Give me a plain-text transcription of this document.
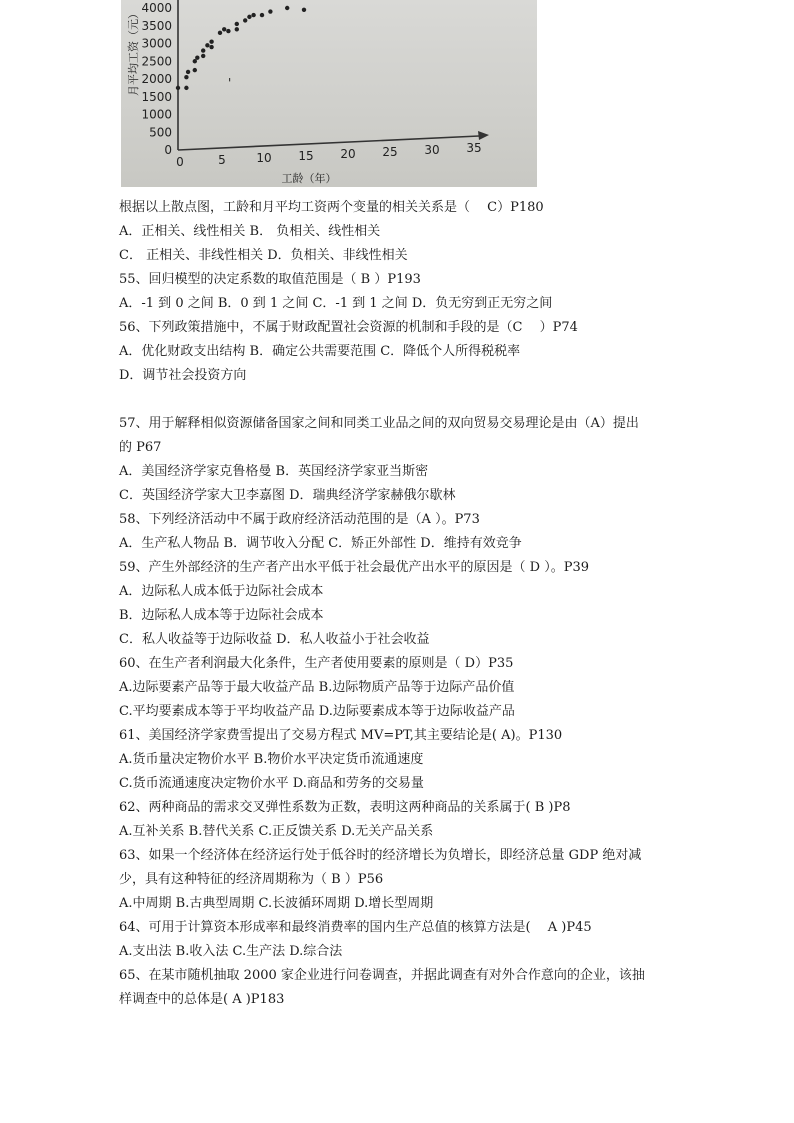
0
500
1000
1500
2000
2500
3000
3500
4000
0	5	10 15 20 25 30 35
月平均工资（元）
工龄（年）
'
根据以上散点图，工龄和月平均工资两个变量的相关关系是（　 C）P180
A．正相关、线性相关 B． 负相关、线性相关
C． 正相关、非线性相关 D．负相关、非线性相关
55、回归模型的决定系数的取值范围是（ B ）P193
A．-1 到 0 之间 B．0 到 1 之间 C．-1 到 1 之间 D．负无穷到正无穷之间
56、下列政策措施中，不属于财政配置社会资源的机制和手段的是（C　 ）P74
A．优化财政支出结构 B．确定公共需要范围 C．降低个人所得税税率
D．调节社会投资方向
57、用于解释相似资源储备国家之间和同类工业品之间的双向贸易交易理论是由（A）提出
的 P67
A．美国经济学家克鲁格曼 B．英国经济学家亚当斯密
C．英国经济学家大卫李嘉图 D．瑞典经济学家赫俄尔歇林
58、下列经济活动中不属于政府经济活动范围的是（A ）。P73
A．生产私人物品 B．调节收入分配 C．矫正外部性 D．维持有效竞争
59、产生外部经济的生产者产出水平低于社会最优产出水平的原因是（ D ）。P39
A．边际私人成本低于边际社会成本
B．边际私人成本等于边际社会成本
C．私人收益等于边际收益 D．私人收益小于社会收益
60、在生产者利润最大化条件，生产者使用要素的原则是（ D）P35
A.边际要素产品等于最大收益产品 B.边际物质产品等于边际产品价值
C.平均要素成本等于平均收益产品 D.边际要素成本等于边际收益产品
61、美国经济学家费雪提出了交易方程式 MV=PT,其主要结论是( A)。P130
A.货币量决定物价水平 B.物价水平决定货币流通速度
C.货币流通速度决定物价水平 D.商品和劳务的交易量
62、两种商品的需求交叉弹性系数为正数，表明这两种商品的关系属于( B )P8
A.互补关系 B.替代关系 C.正反馈关系 D.无关产品关系
63、如果一个经济体在经济运行处于低谷时的经济增长为负增长，即经济总量 GDP 绝对减
少，具有这种特征的经济周期称为（ B ）P56
A.中周期 B.古典型周期 C.长波循环周期 D.增长型周期
64、可用于计算资本形成率和最终消费率的国内生产总值的核算方法是(　 A )P45
A.支出法 B.收入法 C.生产法 D.综合法
65、在某市随机抽取 2000 家企业进行问卷调查，并据此调查有对外合作意向的企业，该抽
样调查中的总体是( A )P183
